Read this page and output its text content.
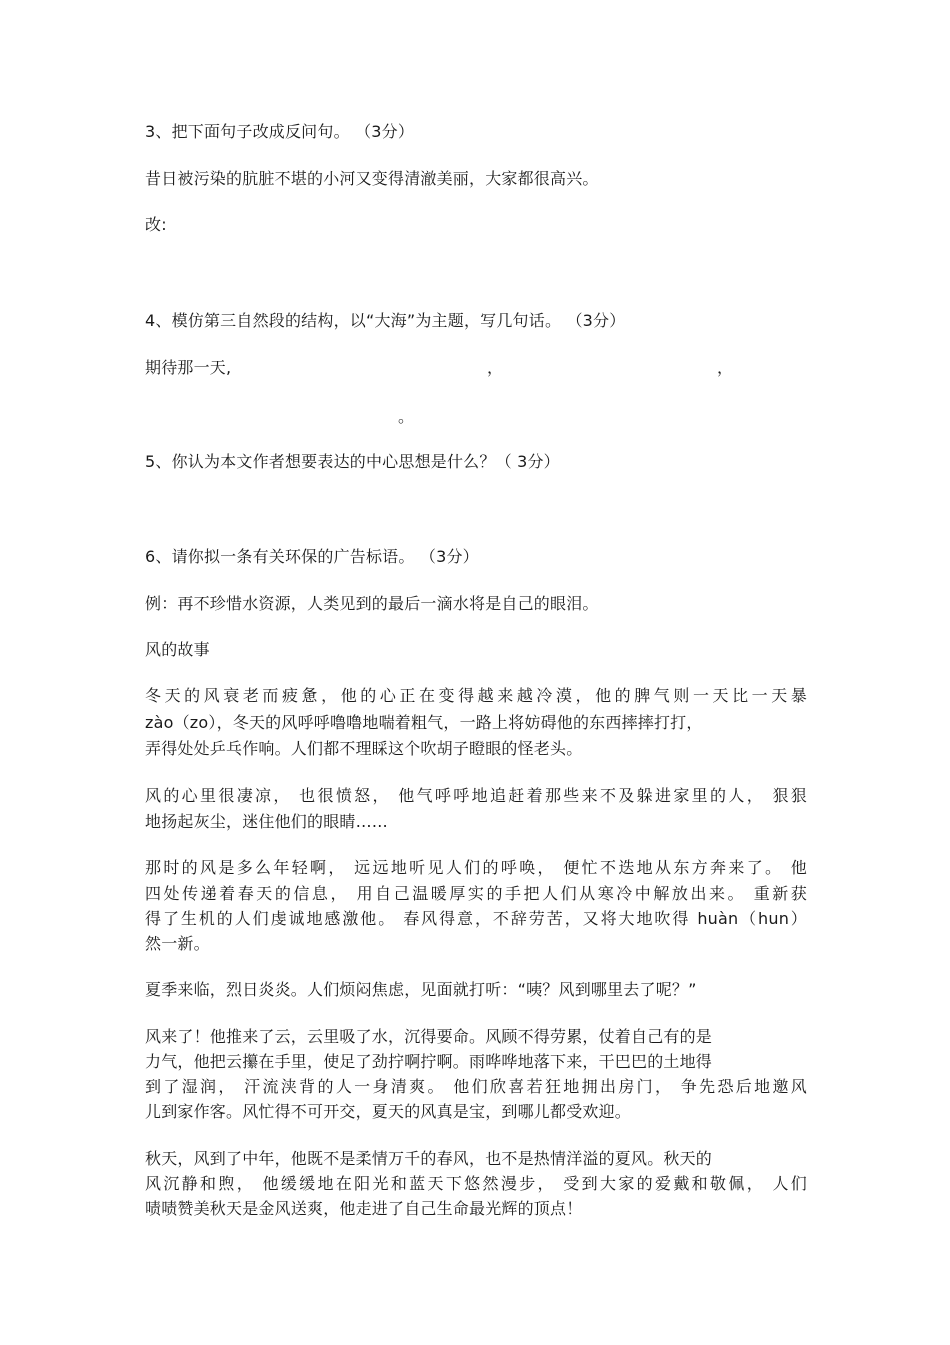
3、把下面句子改成反问句。 （3分）
昔日被污染的肮脏不堪的小河又变得清澈美丽，大家都很高兴。
改:
4、模仿第三自然段的结构，以“大海”为主题，写几句话。 （3分）
期待那一天,	，	，
。
5、你认为本文作者想要表达的中心思想是什么？（ 3分）
6、请你拟一条有关环保的广告标语。 （3分）
例：再不珍惜水资源，人类见到的最后一滴水将是自己的眼泪。
风的故事
冬天的风衰老而疲惫，他的心正在变得越来越冷漠，他的脾气则一天比一天暴
zào（zo），冬天的风呼呼噜噜地喘着粗气，一路上将妨碍他的东西摔摔打打，
弄得处处乒乓作响。人们都不理睬这个吹胡子瞪眼的怪老头。
风的心里很凄凉， 也很愤怒， 他气呼呼地追赶着那些来不及躲进家里的人， 狠狠
地扬起灰尘，迷住他们的眼睛……
那时的风是多么年轻啊， 远远地听见人们的呼唤， 便忙不迭地从东方奔来了。 他
四处传递着春天的信息， 用自己温暖厚实的手把人们从寒冷中解放出来。 重新获
得了生机的人们虔诚地感激他。 春风得意，不辞劳苦，又将大地吹得 huàn（hun）
然一新。
夏季来临，烈日炎炎。人们烦闷焦虑，见面就打听：“咦？风到哪里去了呢？”
风来了！他推来了云，云里吸了水，沉得要命。风顾不得劳累，仗着自己有的是
力气，他把云攥在手里，使足了劲拧啊拧啊。雨哗哗地落下来，干巴巴的土地得
到了湿润， 汗流浃背的人一身清爽。 他们欣喜若狂地拥出房门， 争先恐后地邀风
儿到家作客。风忙得不可开交，夏天的风真是宝，到哪儿都受欢迎。
秋天，风到了中年，他既不是柔情万千的春风，也不是热情洋溢的夏风。秋天的
风沉静和煦， 他缓缓地在阳光和蓝天下悠然漫步， 受到大家的爱戴和敬佩， 人们
啧啧赞美秋天是金风送爽，他走进了自己生命最光辉的顶点！
